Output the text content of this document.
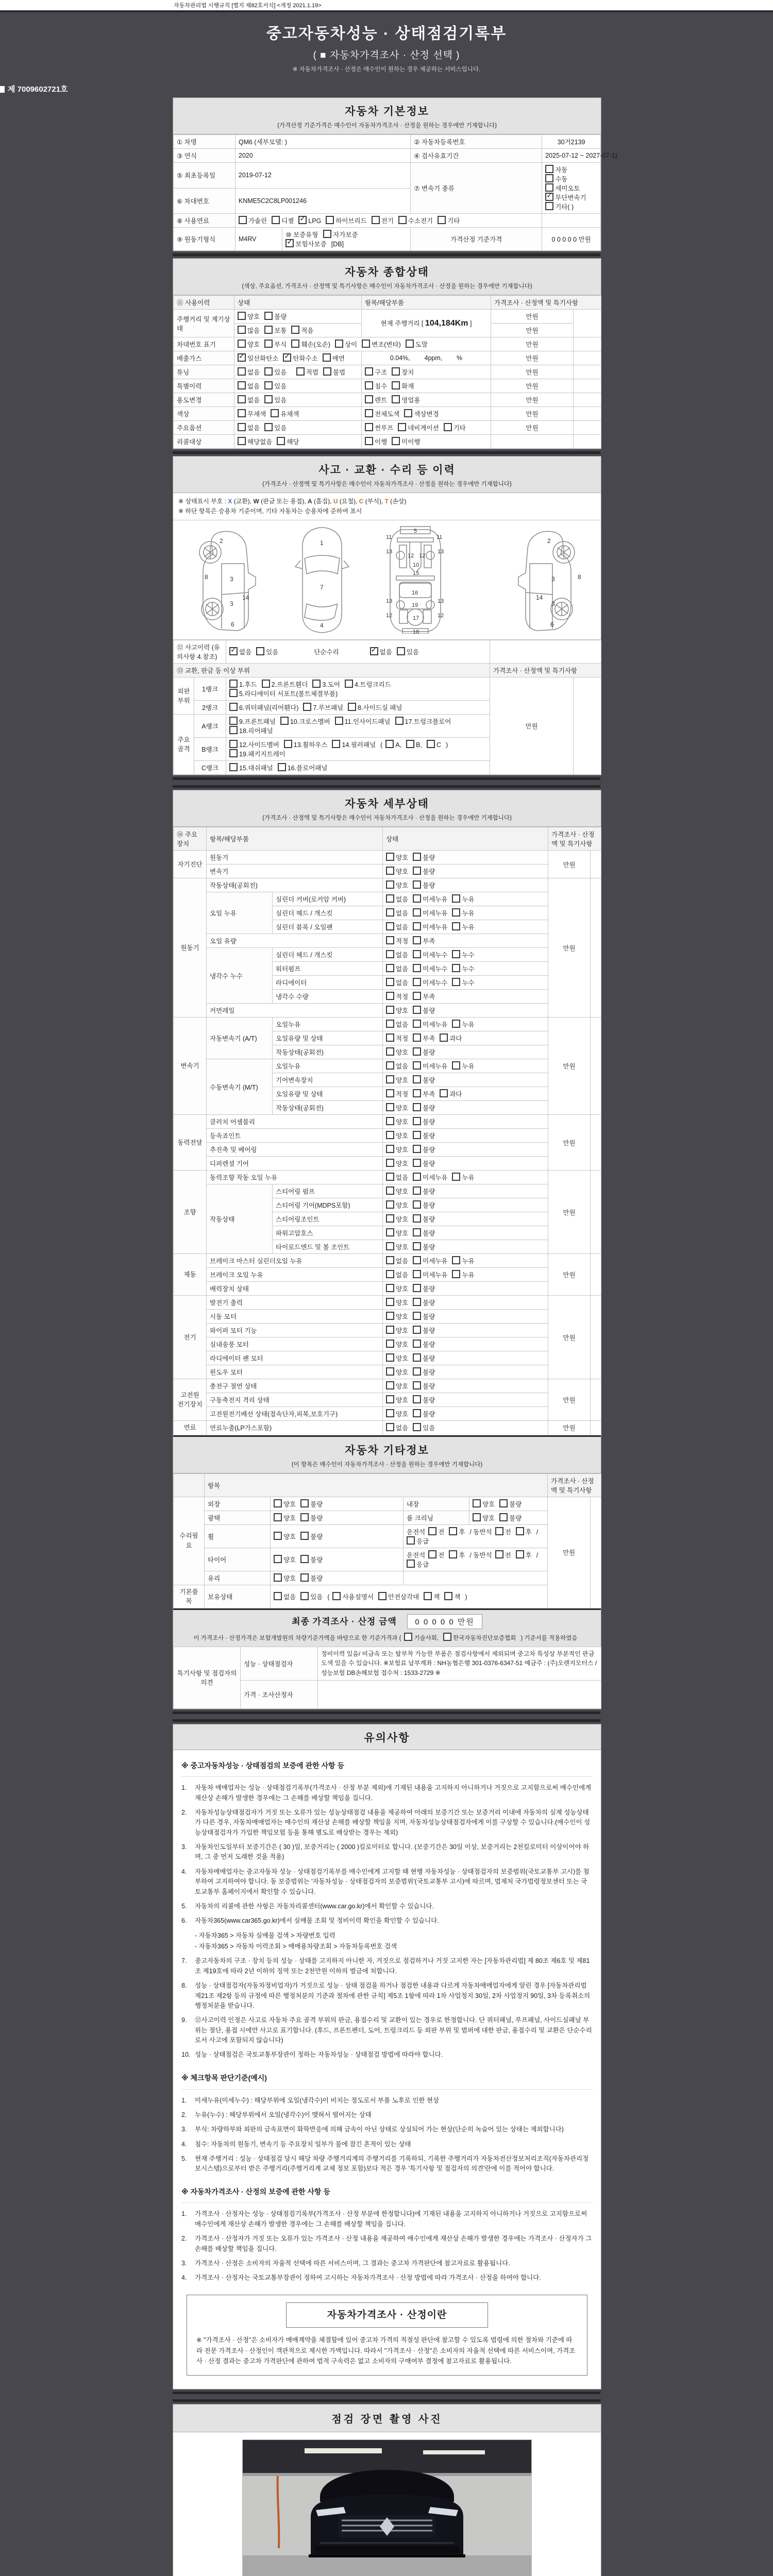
자동차관리법 시행규칙 [별지 제82호서식] <개정 2021.1.19>
중고자동차성능 · 상태점검기록부
( ■ 자동차가격조사 · 산정 선택 )
※ 자동차가격조사 · 산정은 매수인이 원하는 경우 제공하는 서비스입니다.
제 7009602721호
자동차 기본정보
(가격산정 기준가격은 매수인이 자동차가격조사 · 산정을 원하는 경우에만 기재합니다)
① 차명	QM6 (세부모델: )		② 자동차등록번호	30거2139
③ 연식	2020		④ 검사유효기간	2025-07-12 ~ 2027-07-11
⑤ 최초등록일	2019-07-12		⑦ 변속기 종류	자동수동세미오토
✓무단변속기기타( )
⑥ 차대번호	KNME5C2C8LP001246			
⑧ 사용연료	가솔린 디젤 ✓ LPG 하이브리드 전기 수소전기 기타	
⑨ 원동기형식	M4RV	⑩ 보증유형 자가보증✓보험사보증 [DB]	가격산정 기준가격	0 0 0 0 0 만원
자동차 종합상태
(색상, 주요옵션, 가격조사 · 산정액 및 특기사항은 매수인이 자동차가격조사 · 산정을 원하는 경우에만 기재합니다)
⑪ 사용이력	상태	항목/해당부품	가격조사 · 산정액 및 특기사항	
주행거리 및 계기상태	양호 불량	현재 주행거리 [ 104,184Km ]	만원	
	많음 보통 적음		만원	
차대번호 표기	양호 부식 훼손(오손) 상이 변조(변타) 도말		만원	
배출가스	✓일산화탄소 ✓ 탄화수소 매연	0.04%,        4ppm,        %	만원	
튜닝	없음 있음 적법 불법	구조 장치	만원	
특별이력	없음 있음	침수 화재	만원	
용도변경	없음 있음	렌트 영업용	만원	
색상	무채색 유채색	전체도색 색상변경	만원	
주요옵션	없음 있음	썬루프 네비게이션 기타	만원	
리콜대상	해당없음 해당	이행 미이행		
사고 · 교환 · 수리 등 이력
(가격조사 · 산정액 및 특기사항은 매수인이 자동차가격조사 · 산정을 원하는 경우에만 기재합니다)
※ 상태표시 부호 : X (교환), W (판금 또는 용접), A (흠집), U (요철), C (부식), T (손상)
※ 하단 항목은 승용차 기준이며, 기타 자동차는 승용차에 준하여 표시
2
8	3
3
14
6
1
7
4
5
11	11
13	13
12 12
10
15
16
13	13
12	12
19
17
18
2
8
3
3
14
6
⑫ 사고이력 (유의사항 4.참조)	✓없음 있음 단순수리 ✓ 없음 있음	
⑬ 교환, 판금 등 이상 부위			가격조사 · 산정액 및 특기사항	
외판부위	1랭크	1.후드 2.프론트휀더 3.도어 4.트렁크리드
5.라디에이터 서포트(볼트체결부품)	만원	
	2랭크	6.쿼터패널(리어휀다) 7.루브패널 8.사이드실 패널		
주요골격	A랭크	9.프론트패널 10.크로스멤버 11.인사이드패널 17.트렁크플로어
18.리어패널		
	B랭크	12.사이드멤버 13.휠하우스 14.필러패널 ( A, B, C )
19.패키지트레이		
	C랭크	15.대쉬패널 16.플로어패널		
자동차 세부상태
(가격조사 · 산정액 및 특기사항은 매수인이 자동차가격조사 · 산정을 원하는 경우에만 기재합니다)
⑭ 주요장치	항목/해당부품		상태	가격조사 · 산정액 및 특기사항	
자기진단	원동기		양호 불량	만원	
	변속기		양호 불량		
원동기	작동상태(공회전)		양호 불량	만원	
	오일 누유	실린더 커버(로커암 커버)	없음 미세누유 누유		
		실린더 헤드 / 개스킷	없음 미세누유 누유		
		실린더 블록 / 오일팬	없음 미세누유 누유		
	오일 유량		적정 부족		
	냉각수 누수	실린더 헤드 / 개스킷	없음 미세누수 누수		
		워터펌프	없음 미세누수 누수		
		라디에이터	없음 미세누수 누수		
		냉각수 수량	적정 부족		
	커먼레일		양호 불량		
변속기	자동변속기 (A/T)	오일누유	없음 미세누유 누유	만원	
		오일유량 및 상태	적정 부족 과다		
		작동상태(공회전)	양호 불량		
	수동변속기 (M/T)	오일누유	없음 미세누유 누유		
		기어변속장치	양호 불량		
		오일유량 및 상태	적정 부족 과다		
		작동상태(공회전)	양호 불량		
동력전달	클러치 어셈블리		양호 불량	만원	
	등속죠인트		양호 불량		
	추진축 및 베어링		양호 불량		
	디퍼렌셜 기어		양호 불량		
조향	동력조향 작동 오일 누유		없음 미세누유 누유	만원	
	작동상태	스티어링 펌프	양호 불량		
		스티어링 기어(MDPS포함)	양호 불량		
		스티어링조인트	양호 불량		
		파워고압호스	양호 불량		
		타이로드엔드 및 볼 조인트	양호 불량		
제동	브레이크 마스터 실린더오일 누유		없음 미세누유 누유	만원	
	브레이크 오일 누유		없음 미세누유 누유		
	배력장치 상태		양호 불량		
전기	발전기 출력		양호 불량	만원	
	시동 모터		양호 불량		
	와이퍼 모터 기능		양호 불량		
	실내송풍 모터		양호 불량		
	라디에이터 팬 모터		양호 불량		
	윈도우 모터		양호 불량		
고전원 전기장치	충전구 절연 상태		양호 불량	만원	
	구동축전지 격리 상태		양호 불량		
	고전원전기배선 상태(접속단자,피복,보호기구)		양호 불량		
연료	연료누출(LP가스포함)		없음 있음	만원	
자동차 기타정보
(이 항목은 매수인이 자동차가격조사 · 산정을 원하는 경우에만 기재합니다)
	항목				가격조사 · 산정액 및 특기사항	
수리필요	외장	양호 불량	내장	양호 불량	만원	
	광택	양호 불량	룸 크리닝	양호 불량		
	휠	양호 불량	운전석 전 후 / 동반석 전 후 /응급			
	타이어	양호 불량	운전석 전 후 / 동반석 전 후 /응급			
	유리	양호 불량				
기본품목	보유상태	없음 있음 ( 사용설명서 안전삼각대 잭 잭 )				
최종 가격조사 · 산정 금액 0 0 0 0 0 만원
이 가격조사 · 산정가격은 보험개발원의 차량기준가액을 바탕으로 한 기준가격과 ( 기술사회, 한국자동차진단보증협회 ) 기준서를 적용하였음
특기사항 및 점검자의 의견	성능 · 상태점검자	정비이력 있음/ 비금속 또는 탈부착 가능한 부품은 점검사항에서 제외되며 중고차 특성상 부분적인 판금도색 있을 수 있습니다. ※보험료 납부계좌 : NH농협은행 301-0376-6347-51 예금주 : (주)오렌지모터스 / 성능보험 DB손해보험 접수처 : 1533-2729 ※
	가격 · 조사산정자	
유의사항
※ 중고자동차성능 · 상태점검의 보증에 관한 사항 등
1.	자동차 매매업자는 성능 · 상태점검기록부(가격조사 · 산정 부분 제외)에 기재된 내용을 고지하지 아니하거나 거짓으로 고지함으로써 매수인에게 재산상 손해가 발생한 경우에는 그 손해를 배상할 책임을 집니다.
2.	자동차성능상태점검자가 거짓 또는 오류가 있는 성능상태점검 내용을 제공하여 아래의 보증기간 또는 보증거리 이내에 자동차의 실제 성능상태가 다른 경우, 자동차매매업자는 매수인의 재산상 손해를 배상할 책임을 지며, 자동차성능상태점검자에게 이를 구상할 수 있습니다.(매수인이 성능상태점검자가 가입한 책임보험 등을 통해 별도로 배상받는 경우는 제외)
3.	자동차인도일부터 보증기간은 ( 30 )일, 보증거리는 ( 2000 )킬로미터로 합니다. (보증기간은 30일 이상, 보증거리는 2천킬로미터 이상이어야 하며, 그 중 먼저 도래한 것을 적용)
4.	자동차매매업자는 중고자동차 성능 · 상태점검기록부를 매수인에게 고지할 때 현행 자동차성능 · 상태점검자의 보증범위(국토교통부 고시)를 첨부하여 고지하여야 합니다. 동 보증범위는 '자동차성능 · 상태점검자의 보증범위'(국토교통부 고시)에 따르며, 법제처 국가법령정보센터 또는 국토교통부 홈페이지에서 확인할 수 있습니다.
5.	자동차의 리콜에 관한 사항은 자동차리콜센터(www.car.go.kr)에서 확인할 수 있습니다.
6.	자동차365(www.car365.go.kr)에서 실매물 조회 및 정비이력 확인을 확인할 수 있습니다.
- 자동차365 > 자동차 실매물 검색 > 차량번호 입력
- 자동차365 > 자동차 이력조회 > 매매용차량조회 > 자동차등록번호 검색
7.	중고자동차의 구조 · 장치 등의 성능 · 상태를 고지하지 아니한 자, 거짓으로 점검하거나 거짓 고지한 자는 [자동차관리법] 제 80조 제6호 및 제81조 제19호에 따라 2년 이하의 징역 또는 2천만원 이하의 벌금에 처합니다.
8.	성능 · 상태점검자(자동차정비업자)가 거짓으로 성능 · 상태 점검을 하거나 점검한 내용과 다르게 자동차매매업자에게 알린 경우 [자동차관리법 제21조 제2항 등의 규정에 따른 행정처분의 기준과 절차에 관한 규칙] 제5조 1항에 따라 1차 사업정지 30일, 2차 사업정지 90일, 3차 등록취소의 행정처분을 받습니다.
9.	⑫사고이력 인정은 사고로 자동차 주요 골격 부위의 판금, 용접수리 및 교환이 있는 경우로 한정합니다. 단 쿼터패널, 루프패널, 사이드실패널 부위는 절단, 용접 시에만 사고로 표기합니다. (후드, 프론트펜더, 도어, 트렁크리드 등 외판 부위 및 범퍼에 대한 판금, 용접수리 및 교환은 단순수리로서 사고에 포함되지 않습니다)
10. 성능 · 상태점검은 국토교통부장관이 정하는 자동차성능 · 상태점검 방법에 따라야 합니다.
※ 체크항목 판단기준(예시)
1.	미세누유(미세누수) : 해당부위에 오일(냉각수)이 비치는 정도로서 부품 노후로 인한 현상
2.	누유(누수) : 해당부위에서 오일(냉각수)이 맺혀서 떨어지는 상태
3.	부식: 차량하부와 외판의 금속표면이 화학반응에 의해 금속이 아닌 상태로 상실되어 가는 현상(단순히 녹슬어 있는 상태는 제외합니다)
4.	침수: 자동차의 원동기, 변속기 등 주요장치 일부가 물에 잠긴 흔적이 있는 상태
5.	현재 주행거리 : 성능 · 상태점검 당시 해당 차량 주행거리계의 주행거리를 기록하되, 기록한 주행거리가 자동차전산정보처리조직(자동차관리정보시스템)으로부터 받은 주행거리(주행거리계 교체 정보 포함)보다 적은 경우 '특기사항 및 점검자의 의견'란에 이를 적어야 합니다.
※ 자동차가격조사 · 산정의 보증에 관한 사항 등
1.	가격조사 · 산정자는 성능 · 상태점검기록부(가격조사 · 산정 부분에 한정합니다)에 기재된 내용을 고지하지 아니하거나 거짓으로 고지함으로써 매수인에게 재산상 손해가 발생한 경우에는 그 손해를 배상할 책임을 집니다.
2.	가격조사 · 산정자가 거짓 또는 오류가 있는 가격조사 · 산정 내용을 제공하여 매수인에게 재산상 손해가 발생한 경우에는 가격조사 · 산정자가 그 손해를 배상할 책임을 집니다.
3.	가격조사 · 산정은 소비자의 자율적 선택에 따른 서비스이며, 그 결과는 중고차 가격판단에 참고자료로 활용됩니다.
4.	가격조사 · 산정자는 국토교통부장관이 정하여 고시하는 자동차가격조사 · 산정 방법에 따라 가격조사 · 산정을 하여야 합니다.
자동차가격조사 · 산정이란
※ "가격조사 · 산정"은 소비자가 매매계약을 체결함에 있어 중고차 가격의 적절성 판단에 참고할 수 있도록 법령에 의한 절차와 기준에 따라 전문 가격조사 · 산정인이 객관적으로 제시한 가액입니다. 따라서 "가격조사 · 산정"은 소비자의 자율적 선택에 따른 서비스이며, 가격조사 · 산정 결과는 중고차 가격판단에 관하여 법적 구속력은 없고 소비자의 구매여부 결정에 참고자료로 활용됩니다.
점검 장면 촬영 사진
